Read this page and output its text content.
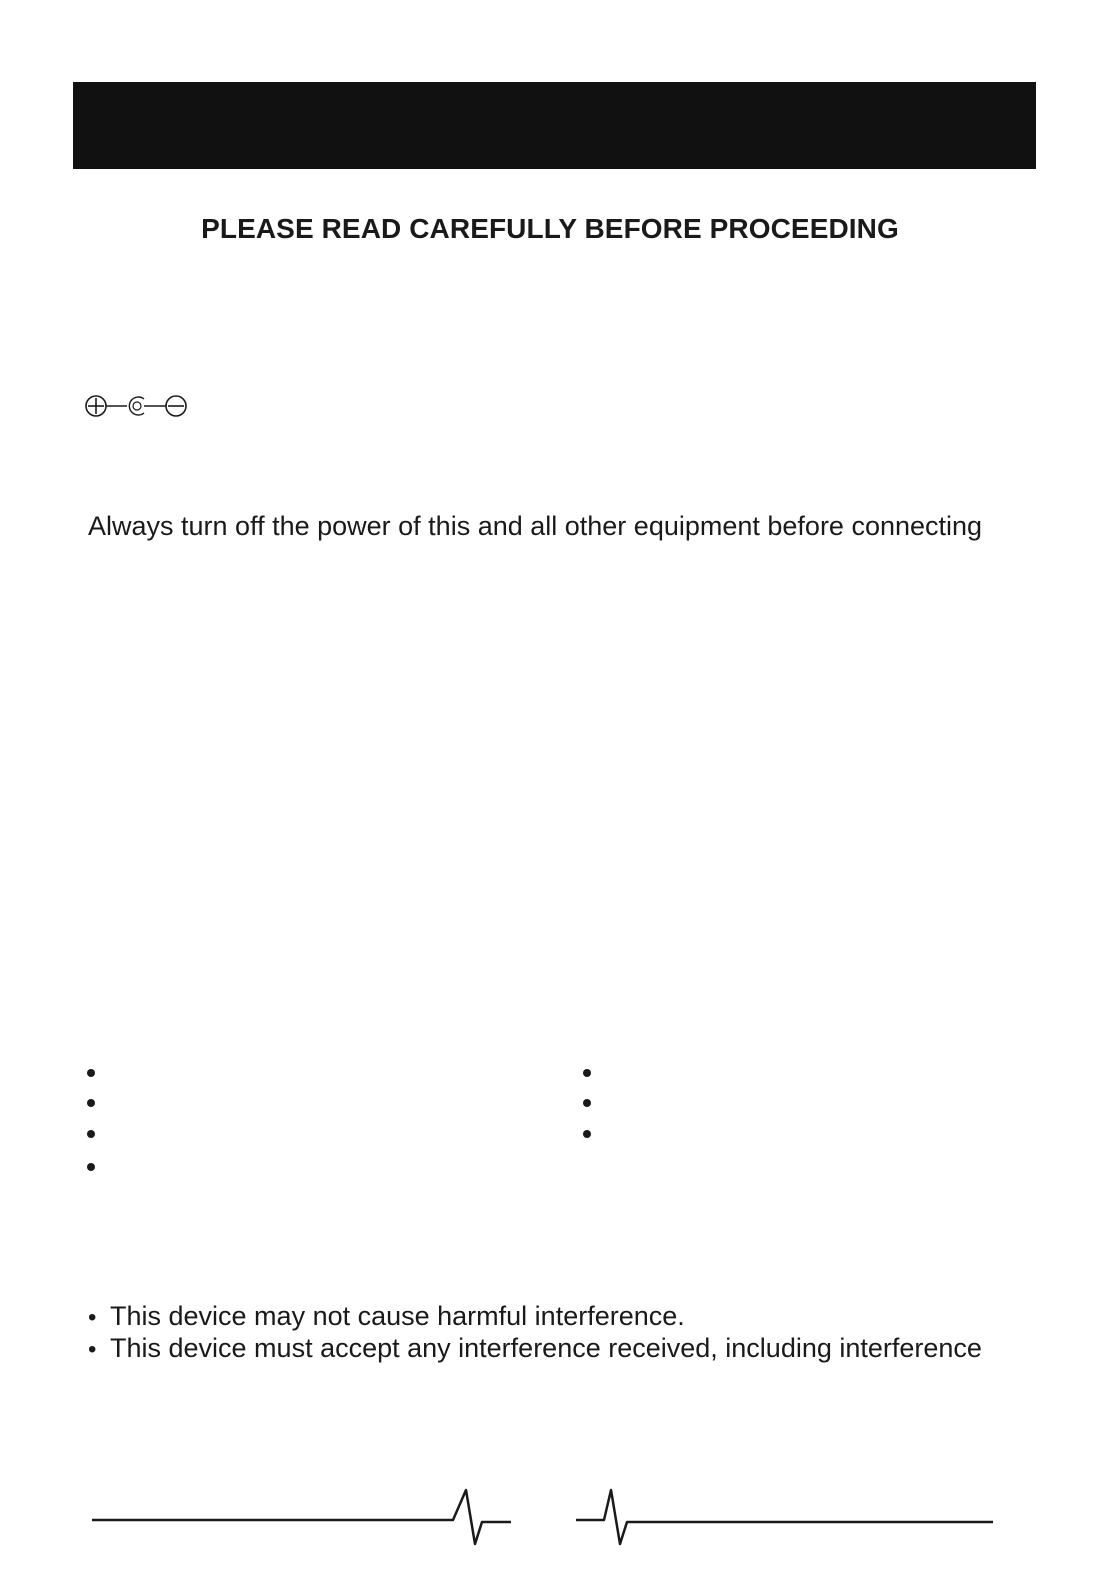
PLEASE READ CAREFULLY BEFORE PROCEEDING
Always turn off the power of this and all other equipment before connecting
• This device may not cause harmful interference.
• This device must accept any interference received, including interference
